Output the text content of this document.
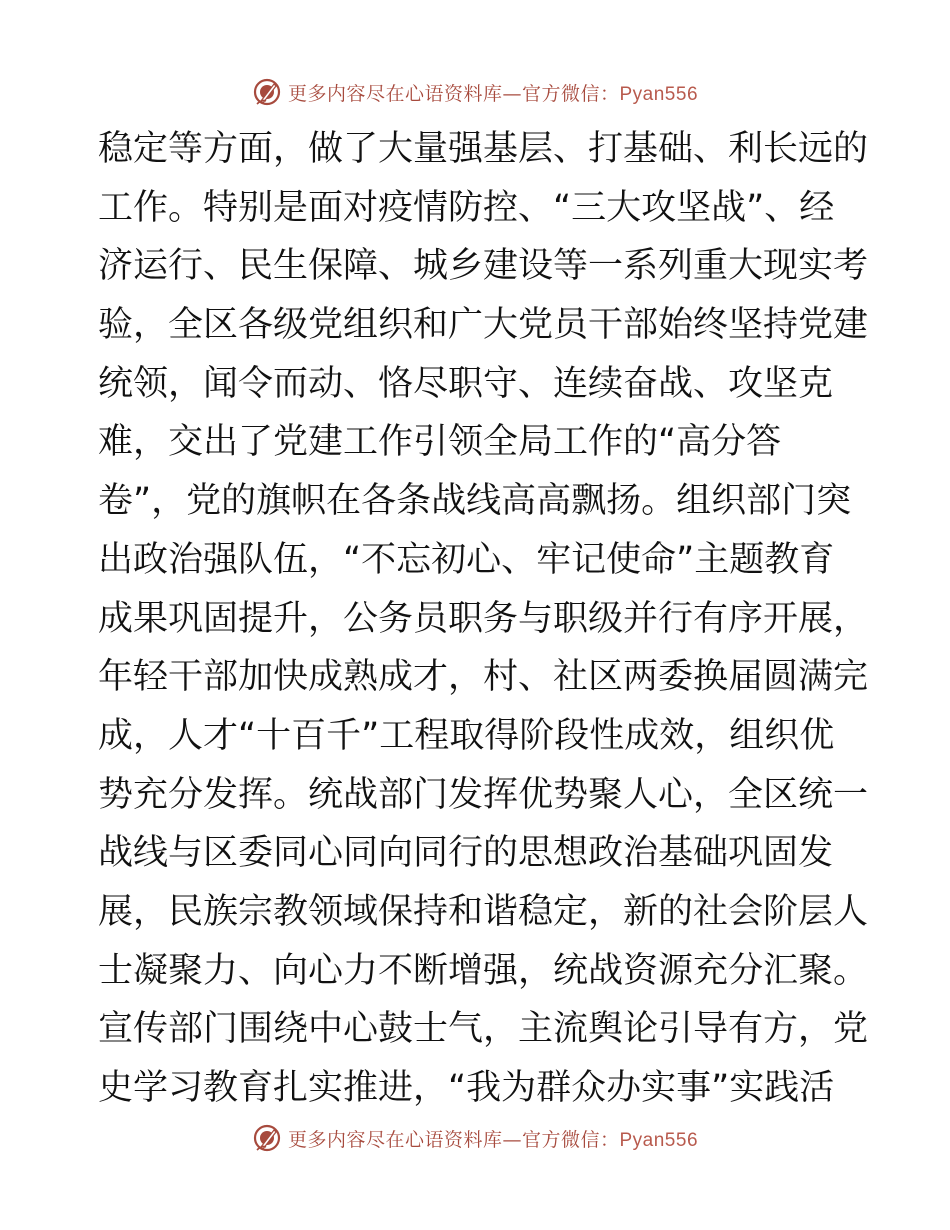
更多内容尽在心语资料库—官方微信：Pyan556
稳定等方面，做了大量强基层、打基础、利长远的
工作。特别是面对疫情防控、“三大攻坚战”、经
济运行、民生保障、城乡建设等一系列重大现实考
验，全区各级党组织和广大党员干部始终坚持党建
统领，闻令而动、恪尽职守、连续奋战、攻坚克
难，交出了党建工作引领全局工作的“高分答
卷”，党的旗帜在各条战线高高飘扬。组织部门突
出政治强队伍，“不忘初心、牢记使命”主题教育
成果巩固提升，公务员职务与职级并行有序开展，
年轻干部加快成熟成才，村、社区两委换届圆满完
成，人才“十百千”工程取得阶段性成效，组织优
势充分发挥。统战部门发挥优势聚人心，全区统一
战线与区委同心同向同行的思想政治基础巩固发
展，民族宗教领域保持和谐稳定，新的社会阶层人
士凝聚力、向心力不断增强，统战资源充分汇聚。
宣传部门围绕中心鼓士气，主流舆论引导有方，党
史学习教育扎实推进，“我为群众办实事”实践活
更多内容尽在心语资料库—官方微信：Pyan556
